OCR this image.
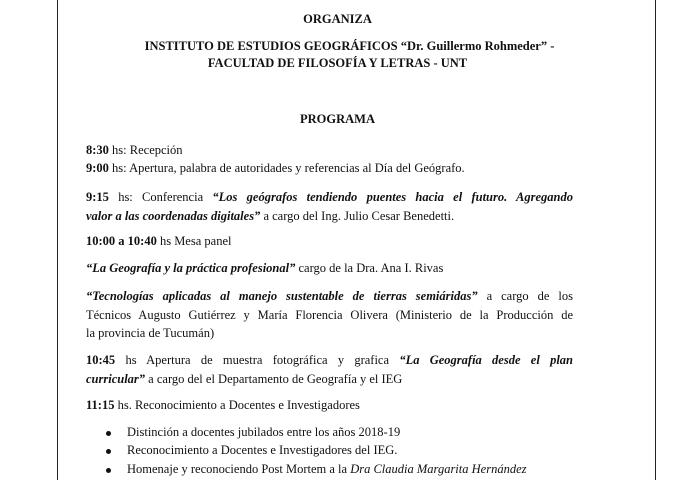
ORGANIZA
INSTITUTO DE ESTUDIOS GEOGRÁFICOS “Dr. Guillermo Rohmeder” -
FACULTAD DE FILOSOFÍA Y LETRAS - UNT
PROGRAMA
8:30 hs: Recepción
9:00 hs: Apertura, palabra de autoridades y referencias al Día del Geógrafo.
9:15 hs: Conferencia “Los geógrafos tendiendo puentes hacia el futuro. Agregando
valor a las coordenadas digitales” a cargo del Ing. Julio Cesar Benedetti.
10:00 a 10:40 hs Mesa panel
“La Geografía y la práctica profesional” cargo de la Dra. Ana I. Rivas
“Tecnologías aplicadas al manejo sustentable de tierras semiáridas” a cargo de los
Técnicos Augusto Gutiérrez y María Florencia Olivera (Ministerio de la Producción de
la provincia de Tucumán)
10:45 hs Apertura de muestra fotográfica y grafica “La Geografía desde el plan
curricular” a cargo del el Departamento de Geografía y el IEG
11:15 hs. Reconocimiento a Docentes e Investigadores
Distinción a docentes jubilados entre los años 2018-19
Reconocimiento a Docentes e Investigadores del IEG.
Homenaje y reconociendo Post Mortem a la Dra Claudia Margarita Hernández
